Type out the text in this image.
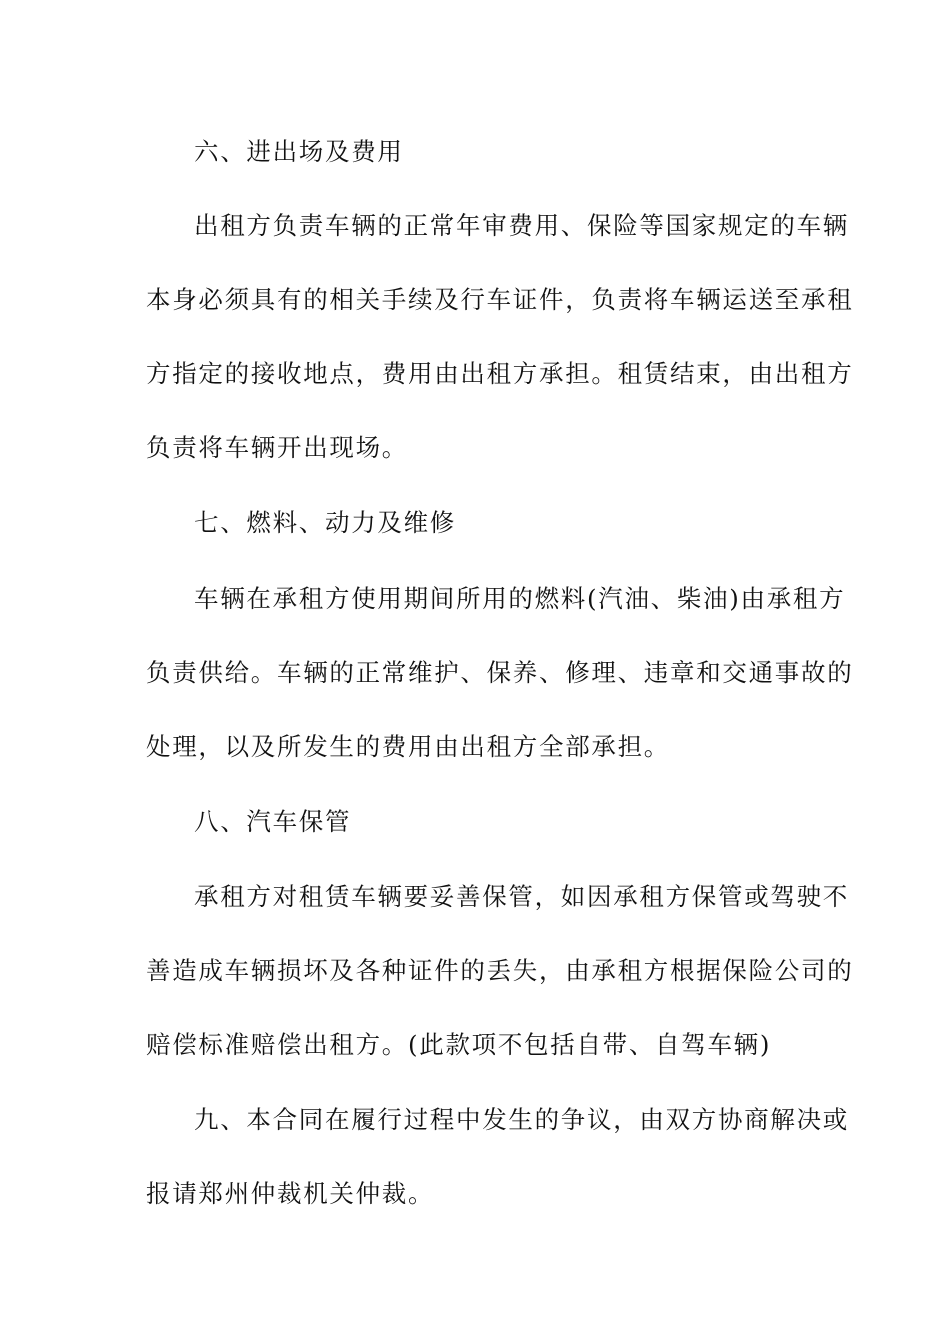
六、进出场及费用
出租方负责车辆的正常年审费用、保险等国家规定的车辆
本身必须具有的相关手续及行车证件，负责将车辆运送至承租
方指定的接收地点，费用由出租方承担。租赁结束，由出租方
负责将车辆开出现场。
七、燃料、动力及维修
车辆在承租方使用期间所用的燃料(汽油、柴油)由承租方
负责供给。车辆的正常维护、保养、修理、违章和交通事故的
处理，以及所发生的费用由出租方全部承担。
八、汽车保管
承租方对租赁车辆要妥善保管，如因承租方保管或驾驶不
善造成车辆损坏及各种证件的丢失，由承租方根据保险公司的
赔偿标准赔偿出租方。(此款项不包括自带、自驾车辆)
九、本合同在履行过程中发生的争议，由双方协商解决或
报请郑州仲裁机关仲裁。
